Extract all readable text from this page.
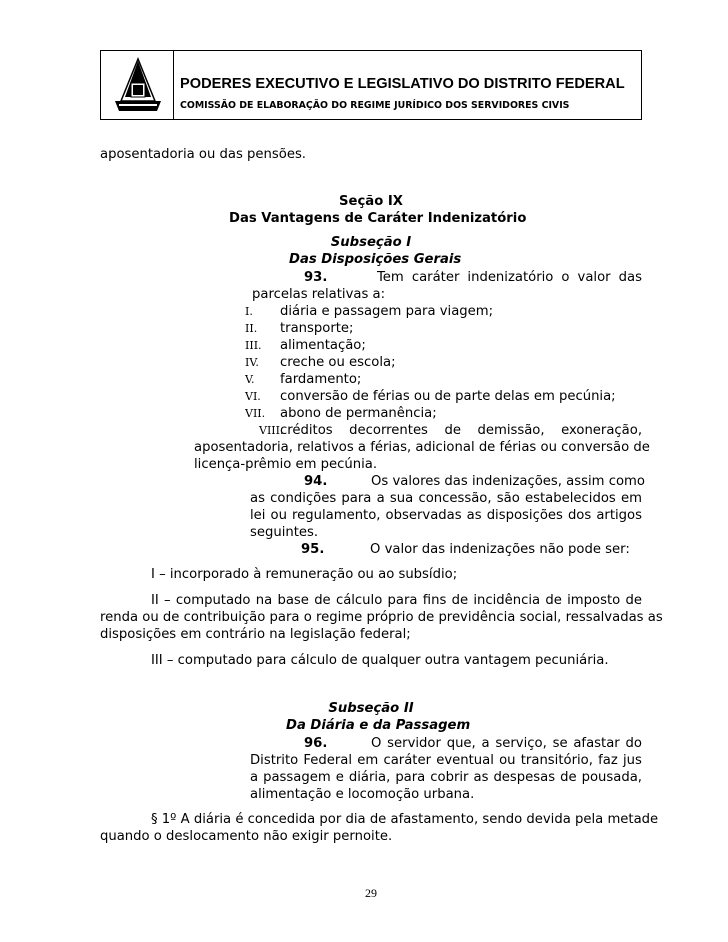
PODERES EXECUTIVO E LEGISLATIVO DO DISTRITO FEDERAL
COMISSÃO DE ELABORAÇÃO DO REGIME JURÍDICO DOS SERVIDORES CIVIS
aposentadoria ou das pensões.
Seção IX
Das Vantagens de Caráter Indenizatório
Subseção I
Das Disposições Gerais
93.	Tem caráter indenizatório o valor das
parcelas relativas a:
I. diária e passagem para viagem;
II. transporte;
III. alimentação;
IV. creche ou escola;
V. fardamento;
VI. conversão de férias ou de parte delas em pecúnia;
VII. abono de permanência;
VIII.
créditos decorrentes de demissão, exoneração,
aposentadoria, relativos a férias, adicional de férias ou conversão de
licença-prêmio em pecúnia.
94.	Os valores das indenizações, assim como
as condições para a sua concessão, são estabelecidos em
lei ou regulamento, observadas as disposições dos artigos
seguintes.
95.	O valor das indenizações não pode ser:
I – incorporado à remuneração ou ao subsídio;
II – computado na base de cálculo para fins de incidência de imposto de
renda ou de contribuição para o regime próprio de previdência social, ressalvadas as
disposições em contrário na legislação federal;
III – computado para cálculo de qualquer outra vantagem pecuniária.
Subseção II
Da Diária e da Passagem
96.	O servidor que, a serviço, se afastar do
Distrito Federal em caráter eventual ou transitório, faz jus
a passagem e diária, para cobrir as despesas de pousada,
alimentação e locomoção urbana.
§ 1º A diária é concedida por dia de afastamento, sendo devida pela metade
quando o deslocamento não exigir pernoite.
29
